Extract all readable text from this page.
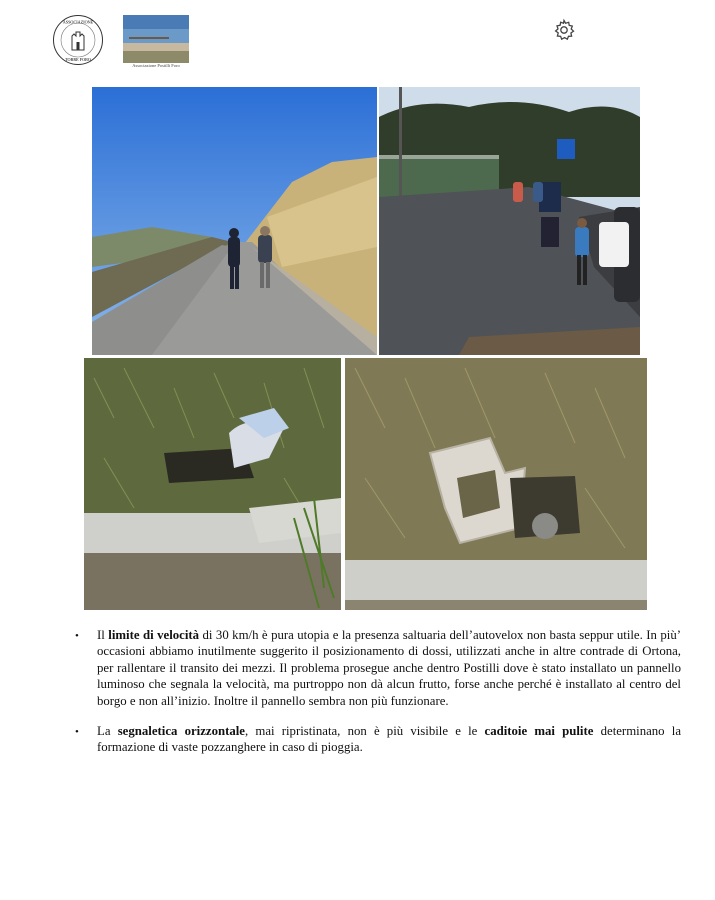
ASSOCIAZIONE
TORRE FORO
Associazione Postilli Foro
•	Il limite di velocità di 30 km/h è pura utopia e la presenza saltuaria dell’autovelox non basta seppur utile. In più’ occasioni abbiamo inutilmente suggerito il posizionamento di dossi, utilizzati anche in altre contrade di Ortona, per rallentare il transito dei mezzi. Il problema prosegue anche dentro Postilli dove è stato installato un pannello luminoso che segnala la velocità, ma purtroppo non dà alcun frutto, forse anche perché è installato al centro del borgo e non all’inizio. Inoltre il pannello sembra non più funzionare.
•	La segnaletica orizzontale, mai ripristinata, non è più visibile e le caditoie mai pulite determinano la formazione di vaste pozzanghere in caso di pioggia.
